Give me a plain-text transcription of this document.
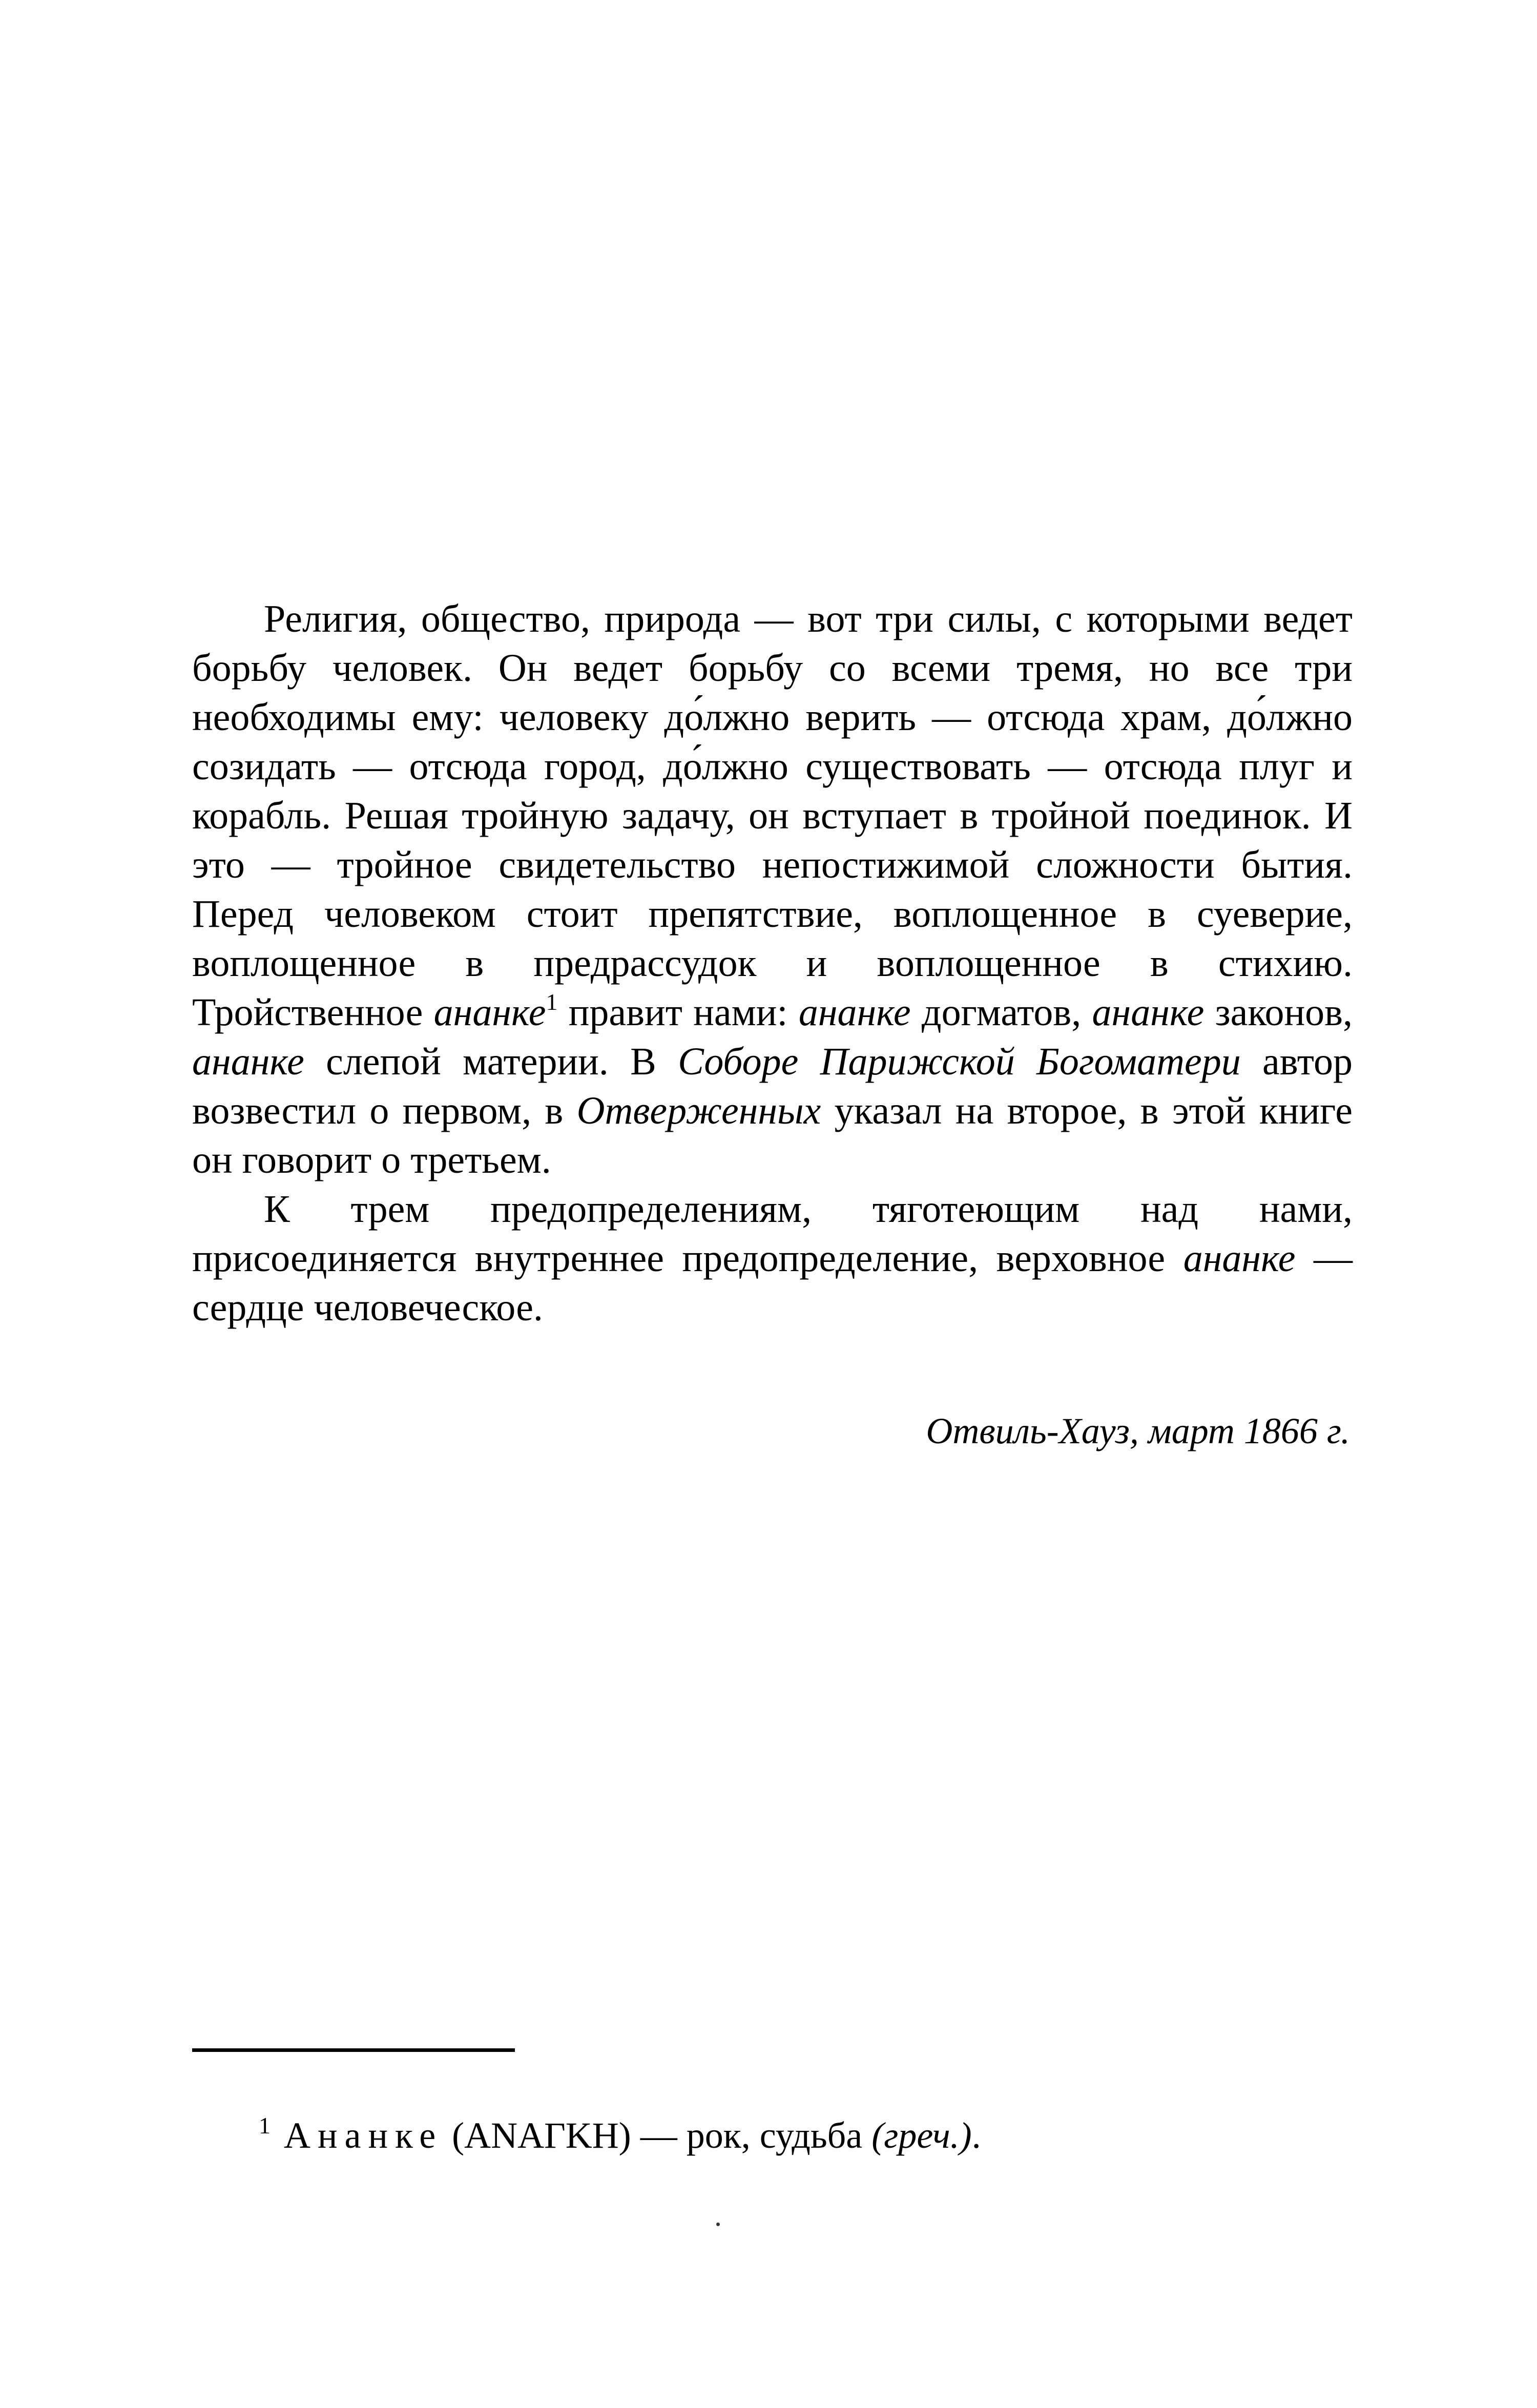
Религия, общество, природа — вот три силы, с которыми ведет борьбу человек. Он ведет борьбу со всеми тремя, но все три необходимы ему: человеку до́лжно верить — отсюда храм, до́лжно созидать — отсюда город, до́лжно существовать — отсюда плуг и корабль. Решая тройную задачу, он вступает в тройной поединок. И это — тройное свидетельство непостижимой сложности бытия. Перед человеком стоит препятствие, воплощенное в суеверие, воплощенное в предрассудок и воплощенное в стихию. Тройственное ананке$^1$ правит нами: ананке догматов, ананке законов, ананке слепой материи. В Соборе Парижской Богоматери автор возвестил о первом, в Отверженных указал на второе, в этой книге он говорит о третьем.

К трем предопределениям, тяготеющим над нами, присоединяется внутреннее предопределение, верховное ананке — сердце человеческое.

Отвиль-Хауз, март 1866 г.

$^1$ Ананке (ΑΝΑΓΚΗ) — рок, судьба (греч.).
